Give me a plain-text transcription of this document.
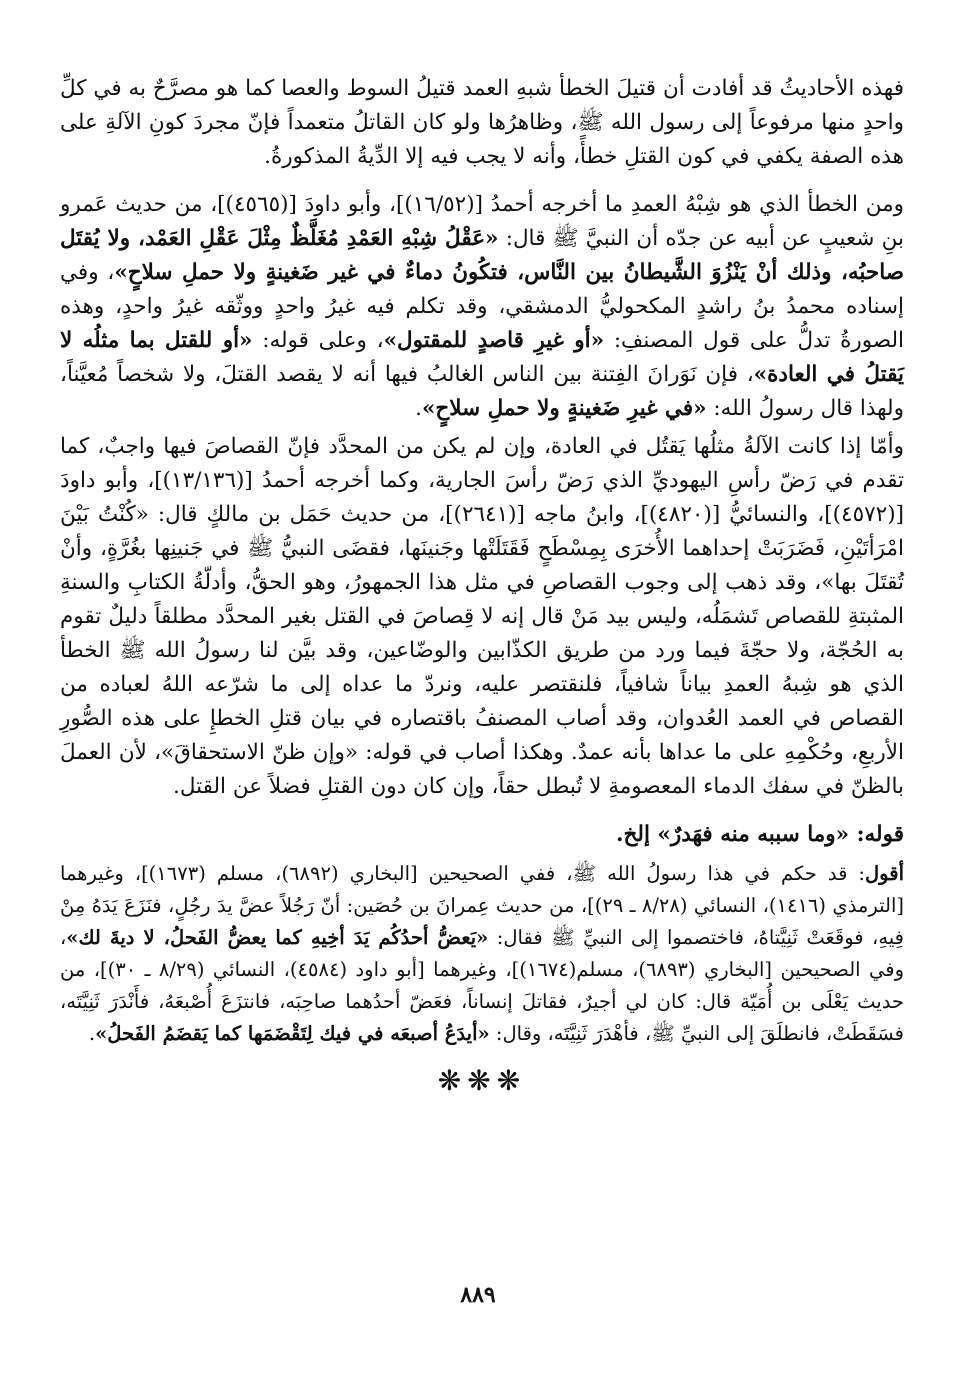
فهذه الأحاديثُ قد أفادت أن قتيلَ الخطأ شبهِ العمد قتيلُ السوط والعصا كما هو مصرَّحٌ به في كلِّ واحدٍ منها مرفوعاً إلى رسول الله ﷺ، وظاهرُها ولو كان القاتلُ متعمداً فإنّ مجردَ كونِ الآلةِ على هذه الصفة يكفي في كون القتلِ خطأً، وأنه لا يجب فيه إلا الدِّيةُ المذكورةُ.

ومن الخطأ الذي هو شِبْهُ العمدِ ما أخرجه أحمدُ [(١٦/٥٢)]، وأبو داودَ [(٤٥٦٥)]، من حديث عَمرو بنِ شعيبٍ عن أبيه عن جدّه أن النبيَّ ﷺ قال: «عَقْلُ شِبْهِ العَمْدِ مُغَلَّظٌ مِثْلَ عَقْلِ العَمْد، ولا يُقتَل صاحبُه، وذلك أنْ يَنْزُوَ الشَّيطانُ بين النَّاس، فتكُونُ دماءٌ في غير ضَغينةٍ ولا حملِ سلاحٍ»، وفي إسناده محمدُ بنُ راشدٍ المكحوليُّ الدمشقي، وقد تكلم فيه غيرُ واحدٍ ووثّقه غيرُ واحدٍ، وهذه الصورةُ تدلُّ على قول المصنفِ: «أو غيرِ قاصدٍ للمقتول»، وعلى قوله: «أو للقتل بما مثلُه لا يَقتلُ في العادة»، فإن نَوَرانَ الفِتنة بين الناس الغالبُ فيها أنه لا يقصد القتلَ، ولا شخصاً مُعيَّناً، ولهذا قال رسولُ الله: «في غيرِ ضَغينةٍ ولا حملِ سلاحٍ».

وأمّا إذا كانت الآلةُ مثلُها يَقتُل في العادة، وإن لم يكن من المحدَّد فإنّ القصاصَ فيها واجبٌ، كما تقدم في رَضّ رأسِ اليهوديِّ الذي رَضّ رأسَ الجارية، وكما أخرجه أحمدُ [(١٣/١٣٦)]، وأبو داودَ [(٤٥٧٢)]، والنسائيُّ [(٤٨٢٠)]، وابنُ ماجه [(٢٦٤١)]، من حديث حَمَل بن مالكٍ قال: «كُنْتُ بَيْنَ امْرَأتَيْنِ، فَضَرَبَتْ إحداهما الأُخرَى بِمِسْطَحٍ فَقَتَلَتْها وجَنينَها، فقضَى النبيُّ ﷺ في جَنينِها بغُرَّةٍ، وأنْ تُقتَلَ بها»، وقد ذهب إلى وجوب القصاصِ في مثل هذا الجمهورُ، وهو الحقُّ، وأدلّةُ الكتابِ والسنةِ المثبتةِ للقصاص تَشمَلُه، وليس بيد مَنْ قال إنه لا قِصاصَ في القتل بغير المحدَّد مطلقاً دليلٌ تقوم به الحُجّة، ولا حجّةَ فيما ورد من طريق الكذّابين والوضّاعين، وقد بيَّن لنا رسولُ الله ﷺ الخطأ الذي هو شِبهُ العمدِ بياناً شافياً، فلنقتصر عليه، ونردّ ما عداه إلى ما شرّعه اللهُ لعباده من القصاص في العمد العُدوان، وقد أصاب المصنفُ باقتصاره في بيان قتلِ الخطإِ على هذه الصُّورِ الأربعِ، وحُكْمِهِ على ما عداها بأنه عمدٌ. وهكذا أصاب في قوله: «وإن ظنّ الاستحقاقَ»، لأن العملَ بالظنّ في سفك الدماء المعصومةِ لا تُبطل حقاً، وإن كان دون القتلِ فضلاً عن القتل.

قوله: «وما سببه منه فهَدرٌ» إلخ.

أقول: قد حكم في هذا رسولُ الله ﷺ، ففي الصحيحين [البخاري (٦٨٩٢)، مسلم (١٦٧٣)]، وغيرهما [الترمذي (١٤١٦)، النسائي (٨/٢٨ ـ ٢٩)]، من حديث عِمرانَ بن حُصَين: أنّ رَجُلاً عضَّ يدَ رجُلٍ، فنَزَعَ يَدَهُ مِنْ فِيهِ، فوقَعَتْ ثَنِيَّتاهُ، فاختصموا إلى النبيِّ ﷺ فقال: «يَعضُّ أحدُكُم يَدَ أخِيهِ كما يعضُّ الفَحلُ، لا ديةَ لك»، وفي الصحيحين [البخاري (٦٨٩٣)، مسلم(١٦٧٤)]، وغيرهما [أبو داود (٤٥٨٤)، النسائي (٨/٢٩ ـ ٣٠)]، من حديث يَعْلَى بن أُمَيّة قال: كان لي أجيرٌ، فقاتلَ إنساناً، فعَضّ أحدُهما صاحِبَه، فانتزَعَ أُصْبعَهُ، فأَنْدَرَ ثَنِيَّتَه، فسَقَطَتْ، فانطلَقَ إلى النبيِّ ﷺ، فأهْدَرَ ثَنِيَّتَه، وقال: «أيدَعُ أصبعَه في فيك لِتَقْضَمَها كما يَقضَمُ الفَحلُ».

❋❋❋
٨٨٩
